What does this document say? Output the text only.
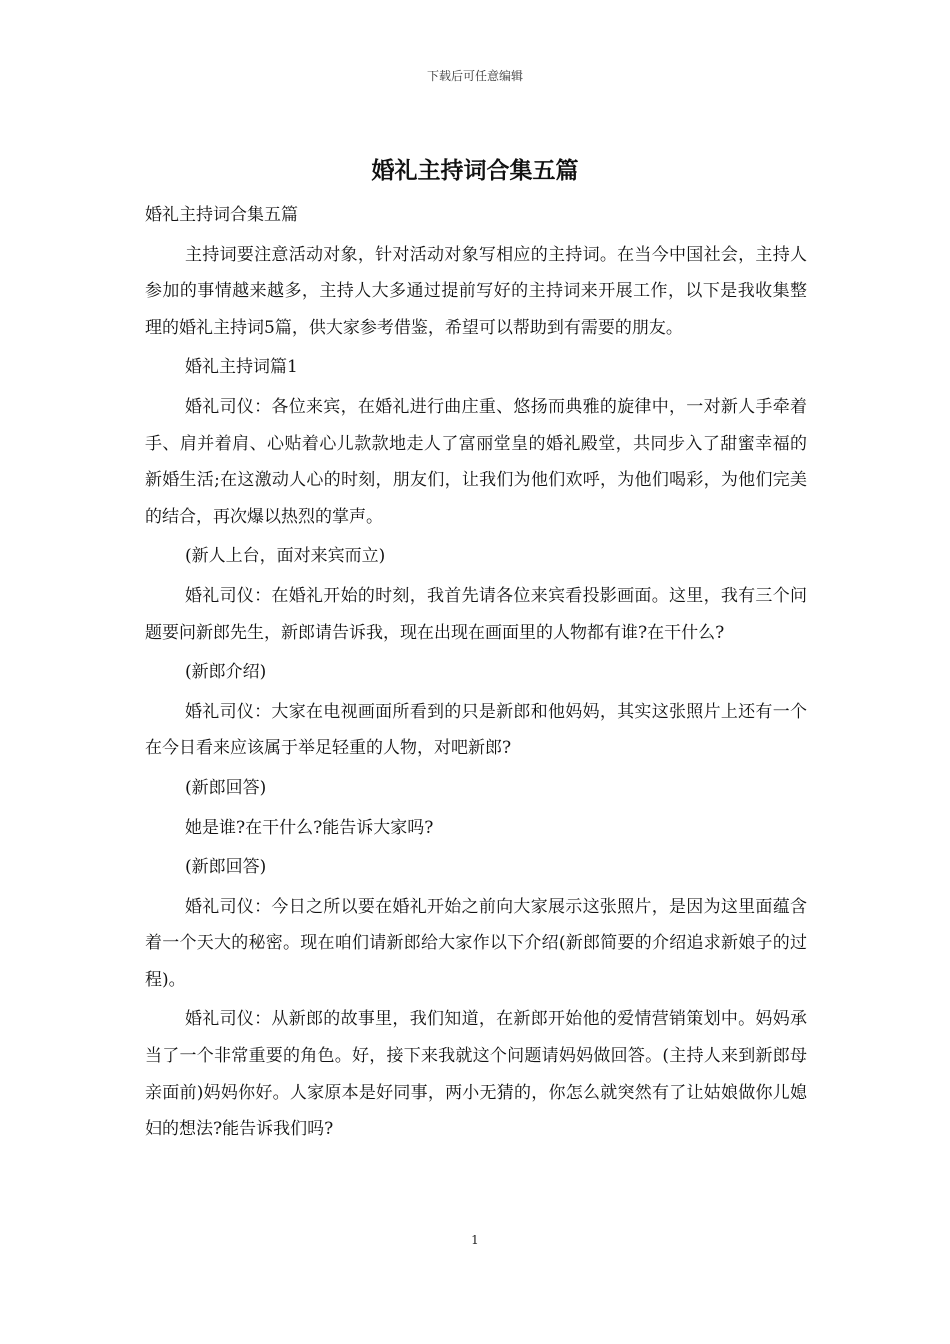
下载后可任意编辑
婚礼主持词合集五篇

婚礼主持词合集五篇

主持词要注意活动对象，针对活动对象写相应的主持词。在当今中国社会，主持人参加的事情越来越多，主持人大多通过提前写好的主持词来开展工作，以下是我收集整理的婚礼主持词5篇，供大家参考借鉴，希望可以帮助到有需要的朋友。

婚礼主持词篇1

婚礼司仪：各位来宾，在婚礼进行曲庄重、悠扬而典雅的旋律中，一对新人手牵着手、肩并着肩、心贴着心儿款款地走人了富丽堂皇的婚礼殿堂，共同步入了甜蜜幸福的新婚生活;在这激动人心的时刻，朋友们，让我们为他们欢呼，为他们喝彩，为他们完美的结合，再次爆以热烈的掌声。

(新人上台，面对来宾而立)

婚礼司仪：在婚礼开始的时刻，我首先请各位来宾看投影画面。这里，我有三个问题要问新郎先生，新郎请告诉我，现在出现在画面里的人物都有谁?在干什么?

(新郎介绍)

婚礼司仪：大家在电视画面所看到的只是新郎和他妈妈，其实这张照片上还有一个在今日看来应该属于举足轻重的人物，对吧新郎?

(新郎回答)

她是谁?在干什么?能告诉大家吗?

(新郎回答)

婚礼司仪：今日之所以要在婚礼开始之前向大家展示这张照片，是因为这里面蕴含着一个天大的秘密。现在咱们请新郎给大家作以下介绍(新郎简要的介绍追求新娘子的过程)。

婚礼司仪：从新郎的故事里，我们知道，在新郎开始他的爱情营销策划中。妈妈承当了一个非常重要的角色。好，接下来我就这个问题请妈妈做回答。(主持人来到新郎母亲面前)妈妈你好。人家原本是好同事，两小无猜的，你怎么就突然有了让姑娘做你儿媳妇的想法?能告诉我们吗?

1
